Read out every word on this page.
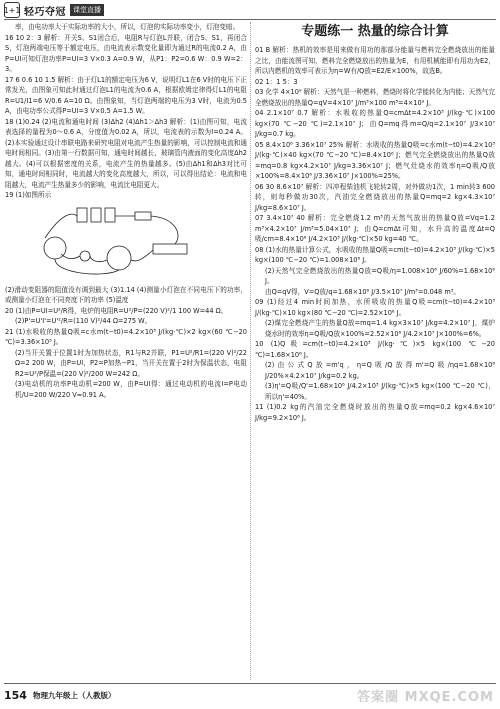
1+1 轻巧夺冠	课堂直播

率，由电功率大于实际功率的大小，所以，灯泡的实际功率变小，灯泡变暗。

16 10 2：3 解析：开关S、S1闭合后，电阻R与灯泡L并联，闭合S、S1，再闭合S，灯泡两端电压等于额定电压，由电流表示数变化量即为通过R的电流0.2 A，由P=UI可知灯泡功率P=UI=3 V×0.3 A=0.9 W，从P1：P2=0.6 W：0.9 W=2：3。

17 6 0.6 10 1.5 解析：由于灯L1的额定电压为6 V，说明灯L1在6 V时的电压下正常发光，由图象可知此时通过灯泡L1的电流为0.6 A，根据欧姆定律得灯L1的电阻R=U1/I1=6 V/0.6 A=10 Ω。由图象知，当灯泡两端的电压为3 V时，电流为0.5 A，由电功率公式得P=UI=3 V×0.5 A=1.5 W。

18 (1)0.24 (2)电流和通电时间 (3)Δh2 (4)Δh1＞Δh3 解析：(1)由图可知，电流表选择的量程为0～0.6 A，分度值为0.02 A，所以，电流表的示数为I=0.24 A。(2)本实验通过设计串联电路来研究电阻对电流产生热量的影响，可以控制电流和通电时间相同。(3)由第一行数据可知，通电时间越长，玻璃管内液面的变化高度Δh2越大。(4)可以根据密度的关系，电流产生的热量越多。(5)由Δh1和Δh3对比可知，通电时间相同时，电流越大的变化高度越大，所以，可以得出结论：电流和电阻越大，电流产生热量多少的影响，电流比电阻更大。

19 (1)如图所示

(2)滑动变阻器的阻值没有调到最大 (3)1.14 (4)测量小灯泡在不同电压下的功率，或测量小灯泡在不同亮度下的功率 (5)温度

20 (1)由P=UI=U²/R得，电炉的电阻R=U²/P=(220 V)²/1 100 W=44 Ω。

(2)P'=U'I'=U'²/R=(110 V)²/44 Ω=275 W。

21 (1)水吸收的热量Q吸=c水m(t−t0)=4.2×10³ J/(kg·℃)×2 kg×(60 ℃−20 ℃)=3.36×10⁵ J。

(2)当开关置于位置1时为加热状态，R1与R2并联，P1=U²/R1=(220 V)²/22 Ω=2 200 W，由P=UI，P2=P加热−P1，当开关在置于2时为保温状态，电阻R2=U²/P保温=(220 V)²/200 W=242 Ω。

(3)电动机的功率P电动机=200 W，由P=UI得：通过电动机的电流I=P电动机/U=200 W/220 V≈0.91 A。

专题练一 热量的综合计算

01 B 解析：热机的效率是用来做有用功的那部分能量与燃料完全燃烧放出的能量之比，由能流图可知，燃料完全燃烧放出的热量为E，有用机械能即有用功为E2，所以内燃机的效率可表示为η=W有/Q放=E2/E×100%，故选B。

02 1：1 5：3

03 化学 4×10⁹ 解析：天然气是一种燃料，燃烧时将化学能转化为内能；天然气完全燃烧放出的热量Q=qV=4×10⁷ J/m³×100 m³=4×10⁹ J。

04 2.1×10⁷ 0.7 解析：水吸收的热量Q=cmΔt=4.2×10³ J/(kg·℃)×100 kg×(70 ℃−20 ℃)=2.1×10⁷ J；由Q=mq得m=Q/q=2.1×10⁷ J/3×10⁷ J/kg=0.7 kg。

05 8.4×10⁶ 3.36×10⁷ 25% 解析：水吸收的热量Q吸=c水m(t−t0)=4.2×10³ J/(kg·℃)×40 kg×(70 ℃−20 ℃)=8.4×10⁶ J；燃气完全燃烧放出的热量Q放=mq=0.8 kg×4.2×10⁷ J/kg=3.36×10⁷ J；燃气灶烧水的效率η=Q吸/Q放×100%=8.4×10⁶ J/3.36×10⁷ J×100%=25%。

06 30 8.6×10⁷ 解析：四冲程柴油机飞轮转2周，对外做功1次，1 min转3 600转，则每秒做功30次，汽油完全燃烧放出的热量Q=mq=2 kg×4.3×10⁷ J/kg=8.6×10⁷ J。

07 3.4×10⁷ 40 解析：完全燃烧1.2 m³的天然气放出的热量Q放=Vq=1.2 m³×4.2×10⁷ J/m³=5.04×10⁷ J；由Q=cmΔt可知，水升高的温度Δt=Q吸/cm=8.4×10⁶ J/4.2×10³ J/(kg·℃)×50 kg=40 ℃。

08 (1)水的热量计算公式，水吸收的热量Q吸=cm(t−t0)=4.2×10³ J/(kg·℃)×5 kg×(100 ℃−20 ℃)=1.008×10⁶ J。

(2)天然气完全燃烧放出的热量Q放=Q吸/η=1.008×10⁶ J/60%=1.68×10⁶ J。

由Q=qV得，V=Q放/q=1.68×10⁶ J/3.5×10⁷ J/m³=0.048 m³。

09 (1)经过4 min时间加热，水所吸收的热量Q吸=cm(t−t0)=4.2×10³ J/(kg·℃)×10 kg×(80 ℃−20 ℃)=2.52×10⁶ J。

(2)煤完全燃烧产生的热量Q放=mq=1.4 kg×3×10⁷ J/kg=4.2×10⁷ J，煤炉烧水时的效率η=Q吸/Q放×100%=2.52×10⁶ J/4.2×10⁷ J×100%=6%。

10 (1)Q吸=cm(t−t0)=4.2×10³ J/(kg·℃)×5 kg×(100 ℃−20 ℃)=1.68×10⁶ J。

(2)由公式Q放=m'q，η=Q吸/Q放得m'=Q吸/ηq=1.68×10⁶ J/20%×4.2×10⁷ J/kg=0.2 kg。

(3)η'=Q吸/Q'=1.68×10⁶ J/4.2×10³ J/(kg·℃)×5 kg×(100 ℃−20 ℃)，所以η'=40%。

11 (1)0.2 kg的汽油完全燃烧时放出的热量Q放=mq=0.2 kg×4.6×10⁷ J/kg=9.2×10⁶ J。

154 物理九年级上（人教版）	答案圈 MXQE.COM
